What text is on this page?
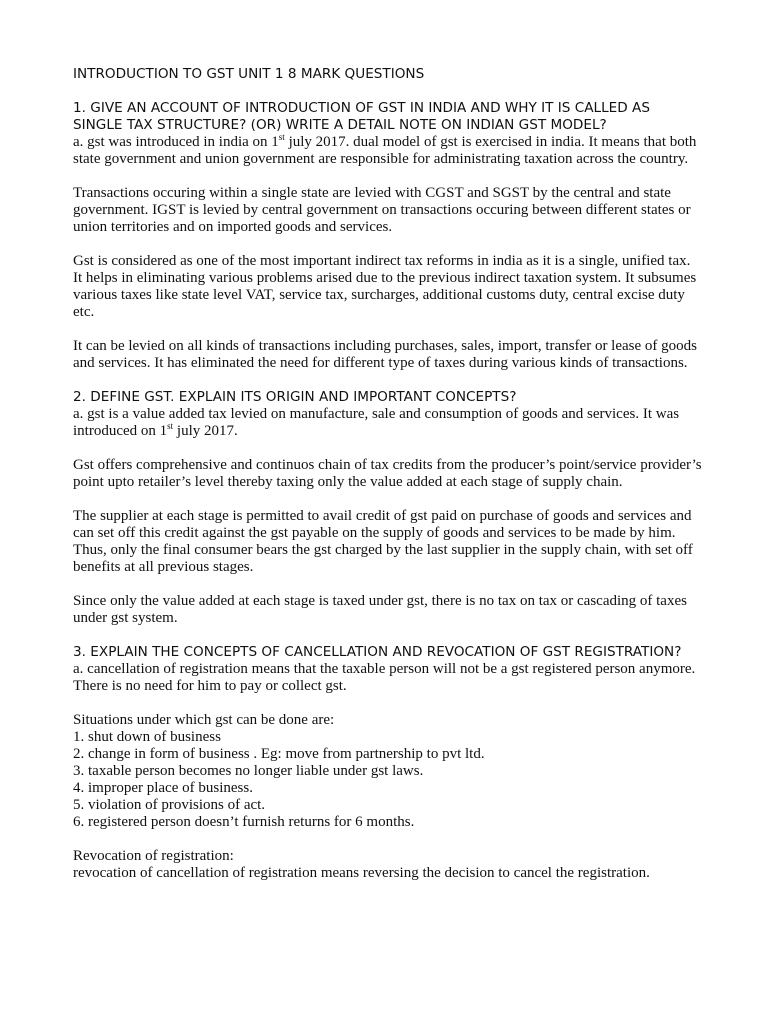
INTRODUCTION TO GST UNIT 1 8 MARK QUESTIONS

1. GIVE AN ACCOUNT OF INTRODUCTION OF GST IN INDIA AND WHY IT IS CALLED AS SINGLE TAX STRUCTURE? (OR) WRITE A DETAIL NOTE ON INDIAN GST MODEL?

a. gst was introduced in india on 1st july 2017. dual model of gst is exercised in india. It means that both state government and union government are responsible for administrating taxation across the country.

Transactions occuring within a single state are levied with CGST and SGST by the central and state government. IGST is levied by central government on transactions occuring between different states or union territories and on imported goods and services.

Gst is considered as one of the most important indirect tax reforms in india as it is a single, unified tax. It helps in eliminating various problems arised due to the previous indirect taxation system. It subsumes various taxes like state level VAT, service tax, surcharges, additional customs duty, central excise duty etc.

It can be levied on all kinds of transactions including purchases, sales, import, transfer or lease of goods and services. It has eliminated the need for different type of taxes during various kinds of transactions.

2. DEFINE GST. EXPLAIN ITS ORIGIN AND IMPORTANT CONCEPTS?

a. gst is a value added tax levied on manufacture, sale and consumption of goods and services. It was introduced on 1st july 2017.

Gst offers comprehensive and continuos chain of tax credits from the producer’s point/service provider’s point upto retailer’s level thereby taxing only the value added at each stage of supply chain.

The supplier at each stage is permitted to avail credit of gst paid on purchase of goods and services and can set off this credit against the gst payable on the supply of goods and services to be made by him. Thus, only the final consumer bears the gst charged by the last supplier in the supply chain, with set off benefits at all previous stages.

Since only the value added at each stage is taxed under gst, there is no tax on tax or cascading of taxes under gst system.

3. EXPLAIN THE CONCEPTS OF CANCELLATION AND REVOCATION OF GST REGISTRATION?

a. cancellation of registration means that the taxable person will not be a gst registered person anymore. There is no need for him to pay or collect gst.

Situations under which gst can be done are:

1. shut down of business
2. change in form of business . Eg: move from partnership to pvt ltd.
3. taxable person becomes no longer liable under gst laws.
4. improper place of business.
5. violation of provisions of act.
6. registered person doesn’t furnish returns for 6 months.

Revocation of registration:

revocation of cancellation of registration means reversing the decision to cancel the registration.
